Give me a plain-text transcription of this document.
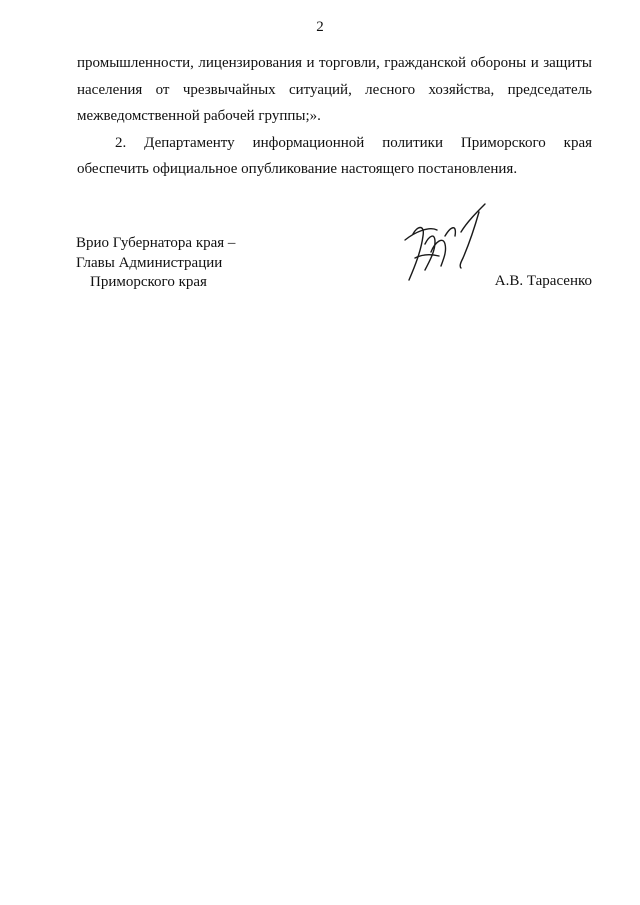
2

промышленности, лицензирования и торговли, гражданской обороны и защиты
населения от чрезвычайных ситуаций, лесного хозяйства, председатель
межведомственной рабочей группы;».

2. Департаменту информационной политики Приморского края
обеспечить официальное опубликование настоящего постановления.

Врио Губернатора края –
Главы Администрации
Приморского края	А.В. Тарасенко
